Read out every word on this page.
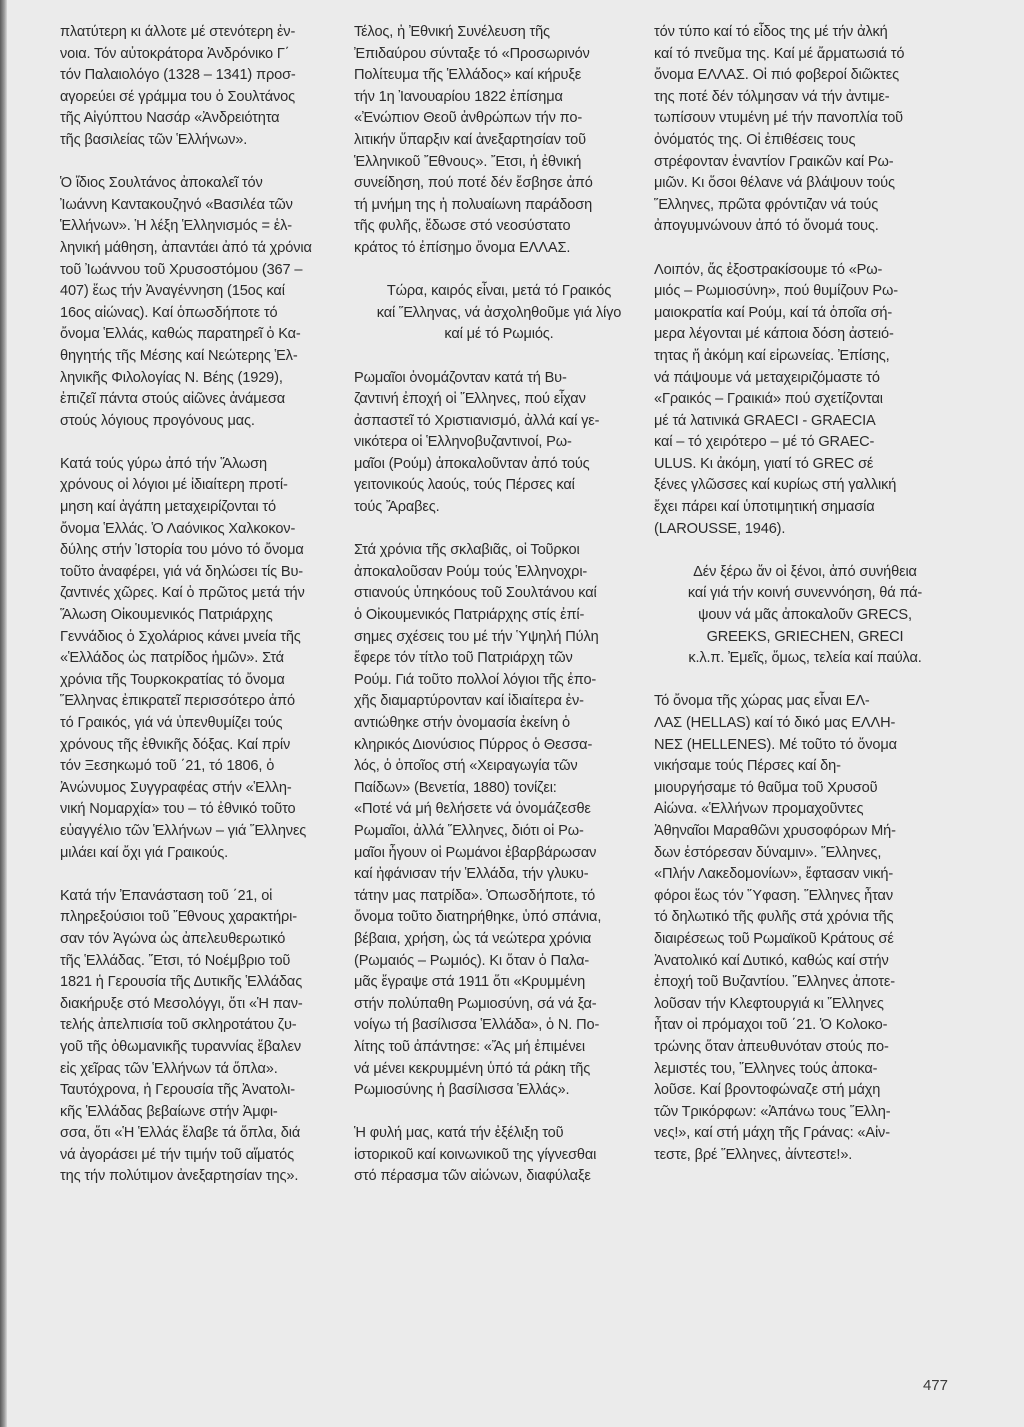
πλατύτερη κι άλλοτε μέ στενότερη ἐν-
νοια. Τόν αὐτοκράτορα Ἀνδρόνικο Γ΄
τόν Παλαιολόγο (1328 – 1341) προσ-
αγορεύει σέ γράμμα του ὁ Σουλτάνος
τῆς Αἰγύπτου Νασάρ «Ἀνδρειότητα
τῆς βασιλείας τῶν Ἑλλήνων».

Ὁ ἴδιος Σουλτάνος ἀποκαλεῖ τόν
Ἰωάννη Καντακουζηνό «Βασιλέα τῶν
Ἑλλήνων». Ἡ λέξη Ἑλληνισμός = ἑλ-
ληνική μάθηση, ἀπαντάει ἀπό τά χρόνια
τοῦ Ἰωάννου τοῦ Χρυσοστόμου (367 –
407) ἕως τήν Ἀναγέννηση (15ος καί
16ος αἰώνας). Καί ὁπωσδήποτε τό
ὄνομα Ἑλλάς, καθώς παρατηρεῖ ὁ Κα-
θηγητής τῆς Μέσης καί Νεώτερης Ἑλ-
ληνικῆς Φιλολογίας Ν. Βέης (1929),
ἐπιζεῖ πάντα στούς αἰῶνες ἀνάμεσα
στούς λόγιους προγόνους μας.

Κατά τούς γύρω ἀπό τήν Ἅλωση
χρόνους οἱ λόγιοι μέ ἰδιαίτερη προτί-
μηση καί ἀγάπη μεταχειρίζονται τό
ὄνομα Ἑλλάς. Ὁ Λαόνικος Χαλκοκον-
δύλης στήν Ἱστορία του μόνο τό ὄνομα
τοῦτο ἀναφέρει, γιά νά δηλώσει τίς Βυ-
ζαντινές χῶρες. Καί ὁ πρῶτος μετά τήν
Ἅλωση Οἰκουμενικός Πατριάρχης
Γεννάδιος ὁ Σχολάριος κάνει μνεία τῆς
«Ἑλλάδος ὡς πατρίδος ἡμῶν». Στά
χρόνια τῆς Τουρκοκρατίας τό ὄνομα
Ἕλληνας ἐπικρατεῖ περισσότερο ἀπό
τό Γραικός, γιά νά ὑπενθυμίζει τούς
χρόνους τῆς ἐθνικῆς δόξας. Καί πρίν
τόν Ξεσηκωμό τοῦ ΄21, τό 1806, ὁ
Ἀνώνυμος Συγγραφέας στήν «Ἑλλη-
νική Νομαρχία» του – τό ἐθνικό τοῦτο
εὐαγγέλιο τῶν Ἑλλήνων – γιά Ἕλληνες
μιλάει καί ὄχι γιά Γραικούς.

Κατά τήν Ἐπανάσταση τοῦ ΄21, οἱ
πληρεξούσιοι τοῦ Ἔθνους χαρακτήρι-
σαν τόν Ἀγώνα ὡς ἀπελευθερωτικό
τῆς Ἑλλάδας. Ἔτσι, τό Νοέμβριο τοῦ
1821 ἡ Γερουσία τῆς Δυτικῆς Ἑλλάδας
διακήρυξε στό Μεσολόγγι, ὅτι «Ἡ παν-
τελής ἀπελπισία τοῦ σκληροτάτου ζυ-
γοῦ τῆς ὀθωμανικῆς τυραννίας ἔβαλεν
εἰς χεῖρας τῶν Ἑλλήνων τά ὅπλα».
Ταυτόχρονα, ἡ Γερουσία τῆς Ἀνατολι-
κῆς Ἑλλάδας βεβαίωνε στήν Ἀμφι-
σσα, ὅτι «Ἡ Ἑλλάς ἔλαβε τά ὅπλα, διά
νά ἀγοράσει μέ τήν τιμήν τοῦ αἵματός
της τήν πολύτιμον ἀνεξαρτησίαν της».

Τέλος, ἡ Ἐθνική Συνέλευση τῆς
Ἐπιδαύρου σύνταξε τό «Προσωρινόν
Πολίτευμα τῆς Ἑλλάδος» καί κήρυξε
τήν 1η Ἰανουαρίου 1822 ἐπίσημα
«Ἐνώπιον Θεοῦ ἀνθρώπων τήν πο-
λιτικήν ὕπαρξιν καί ἀνεξαρτησίαν τοῦ
Ἑλληνικοῦ Ἔθνους». Ἔτσι, ἡ ἐθνική
συνείδηση, πού ποτέ δέν ἔσβησε ἀπό
τή μνήμη της ἡ πολυαίωνη παράδοση
τῆς φυλῆς, ἔδωσε στό νεοσύστατο
κράτος τό ἐπίσημο ὄνομα ΕΛΛΑΣ.

Τώρα, καιρός εἶναι, μετά τό Γραικός
καί Ἕλληνας, νά ἀσχοληθοῦμε γιά λίγο
καί μέ τό Ρωμιός.

Ρωμαῖοι ὀνομάζονταν κατά τή Βυ-
ζαντινή ἐποχή οἱ Ἕλληνες, πού εἶχαν
ἀσπαστεῖ τό Χριστιανισμό, ἀλλά καί γε-
νικότερα οἱ Ἑλληνοβυζαντινοί, Ρω-
μαῖοι (Ρούμ) ἀποκαλοῦνταν ἀπό τούς
γειτονικούς λαούς, τούς Πέρσες καί
τούς Ἄραβες.

Στά χρόνια τῆς σκλαβιᾶς, οἱ Τοῦρκοι
ἀποκαλοῦσαν Ρούμ τούς Ἑλληνοχρι-
στιανούς ὑπηκόους τοῦ Σουλτάνου καί
ὁ Οἰκουμενικός Πατριάρχης στίς ἐπί-
σημες σχέσεις του μέ τήν Ὑψηλή Πύλη
ἔφερε τόν τίτλο τοῦ Πατριάρχη τῶν
Ρούμ. Γιά τοῦτο πολλοί λόγιοι τῆς ἐπο-
χῆς διαμαρτύρονταν καί ἰδιαίτερα ἐν-
αντιώθηκε στήν ὀνομασία ἐκείνη ὁ
κληρικός Διονύσιος Πύρρος ὁ Θεσσα-
λός, ὁ ὁποῖος στή «Χειραγωγία τῶν
Παίδων» (Βενετία, 1880) τονίζει:
«Ποτέ νά μή θελήσετε νά ὀνομάζεσθε
Ρωμαῖοι, ἀλλά Ἕλληνες, διότι οἱ Ρω-
μαῖοι ἦγουν οἱ Ρωμάνοι ἐβαρβάρωσαν
καί ἠφάνισαν τήν Ἑλλάδα, τήν γλυκυ-
τάτην μας πατρίδα». Ὁπωσδήποτε, τό
ὄνομα τοῦτο διατηρήθηκε, ὑπό σπάνια,
βέβαια, χρήση, ὡς τά νεώτερα χρόνια
(Ρωμαιός – Ρωμιός). Κι ὅταν ὁ Παλα-
μᾶς ἔγραψε στά 1911 ὅτι «Κρυμμένη
στήν πολύπαθη Ρωμιοσύνη, σά νά ξα-
νοίγω τή βασίλισσα Ἑλλάδα», ὁ Ν. Πο-
λίτης τοῦ ἀπάντησε: «Ἄς μή ἐπιμένει
νά μένει κεκρυμμένη ὑπό τά ράκη τῆς
Ρωμιοσύνης ἡ βασίλισσα Ἑλλάς».

Ἡ φυλή μας, κατά τήν ἐξέλιξη τοῦ
ἱστορικοῦ καί κοινωνικοῦ της γίγνεσθαι
στό πέρασμα τῶν αἰώνων, διαφύλαξε

τόν τύπο καί τό εἶδος της μέ τήν ἀλκή
καί τό πνεῦμα της. Καί μέ ἄρματωσιά τό
ὄνομα ΕΛΛΑΣ. Οἱ πιό φοβεροί διῶκτες
της ποτέ δέν τόλμησαν νά τήν ἀντιμε-
τωπίσουν ντυμένη μέ τήν πανοπλία τοῦ
ὀνόματός της. Οἱ ἐπιθέσεις τους
στρέφονταν ἐναντίον Γραικῶν καί Ρω-
μιῶν. Κι ὅσοι θέλανε νά βλάψουν τούς
Ἕλληνες, πρῶτα φρόντιζαν νά τούς
ἀπογυμνώνουν ἀπό τό ὄνομά τους.

Λοιπόν, ἄς ἐξοστρακίσουμε τό «Ρω-
μιός – Ρωμιοσύνη», πού θυμίζουν Ρω-
μαιοκρατία καί Ρούμ, καί τά ὁποῖα σή-
μερα λέγονται μέ κάποια δόση ἀστειό-
τητας ἤ ἀκόμη καί εἰρωνείας. Ἐπίσης,
νά πάψουμε νά μεταχειριζόμαστε τό
«Γραικός – Γραικιά» πού σχετίζονται
μέ τά λατινικά GRAECI - GRAECIA
καί – τό χειρότερο – μέ τό GRAEC-
ULUS. Κι ἀκόμη, γιατί τό GREC σέ
ξένες γλῶσσες καί κυρίως στή γαλλική
ἔχει πάρει καί ὑποτιμητική σημασία
(LAROUSSE, 1946).

Δέν ξέρω ἄν οἱ ξένοι, ἀπό συνήθεια
καί γιά τήν κοινή συνεννόηση, θά πά-
ψουν νά μᾶς ἀποκαλοῦν GRECS,
GREEKS, GRIECHEN, GRECI
κ.λ.π. Ἐμεῖς, ὅμως, τελεία καί παύλα.

Τό ὄνομα τῆς χώρας μας εἶναι ΕΛ-
ΛΑΣ (HELLAS) καί τό δικό μας ΕΛΛΗ-
ΝΕΣ (HELLENES). Μέ τοῦτο τό ὄνομα
νικήσαμε τούς Πέρσες καί δη-
μιουργήσαμε τό θαῦμα τοῦ Χρυσοῦ
Αἰώνα. «Ἑλλήνων προμαχοῦντες
Ἀθηναῖοι Μαραθῶνι χρυσοφόρων Μή-
δων ἐστόρεσαν δύναμιν». Ἕλληνες,
«Πλήν Λακεδομονίων», ἔφτασαν νική-
φόροι ἕως τόν Ὕφαση. Ἕλληνες ἦταν
τό δηλωτικό τῆς φυλῆς στά χρόνια τῆς
διαιρέσεως τοῦ Ρωμαϊκοῦ Κράτους σέ
Ἀνατολικό καί Δυτικό, καθώς καί στήν
ἐποχή τοῦ Βυζαντίου. Ἕλληνες ἀποτε-
λοῦσαν τήν Κλεφτουργιά κι Ἕλληνες
ἦταν οἱ πρόμαχοι τοῦ ΄21. Ὁ Κολοκο-
τρώνης ὅταν ἀπευθυνόταν στούς πο-
λεμιστές του, Ἕλληνες τούς ἀποκα-
λοῦσε. Καί βροντοφώναζε στή μάχη
τῶν Τρικόρφων: «Ἀπάνω τους Ἕλλη-
νες!», καί στή μάχη τῆς Γράνας: «Αἰν-
τεστε, βρέ Ἕλληνες, ἀίντεστε!».

477
